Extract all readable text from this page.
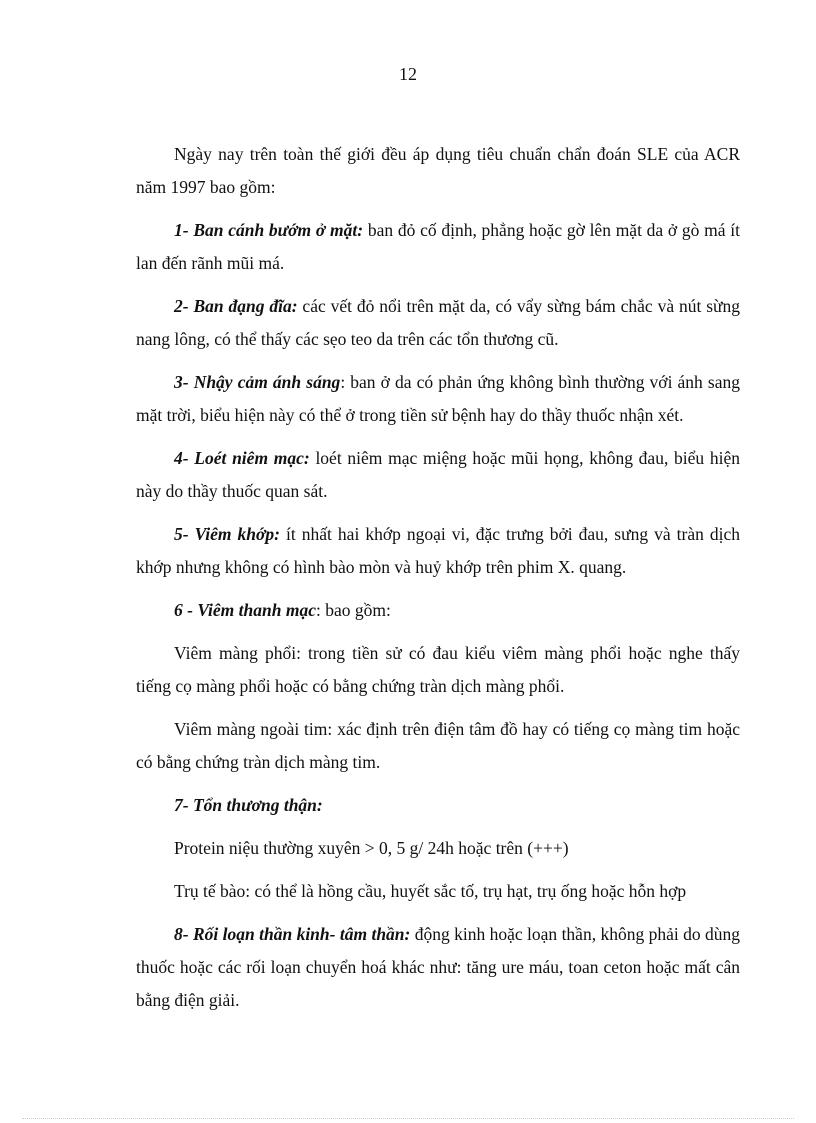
12

Ngày nay trên toàn thế giới đều áp dụng tiêu chuẩn chẩn đoán SLE của ACR năm 1997 bao gồm:

1- Ban cánh bướm ở mặt: ban đỏ cố định, phẳng hoặc gờ lên mặt da ở gò má ít lan đến rãnh mũi má.

2- Ban đạng đĩa: các vết đỏ nổi trên mặt da, có vẩy sừng bám chắc và nút sừng nang lông, có thể thấy các sẹo teo da trên các tổn thương cũ.

3- Nhậy cảm ánh sáng: ban ở da có phản ứng không bình thường với ánh sang mặt trời, biểu hiện này có thể ở trong tiền sử bệnh hay do thầy thuốc nhận xét.

4- Loét niêm mạc: loét niêm mạc miệng hoặc mũi họng, không đau, biểu hiện này do thầy thuốc quan sát.

5- Viêm khớp: ít nhất hai khớp ngoại vi, đặc trưng bởi đau, sưng và tràn dịch khớp nhưng không có hình bào mòn và huỷ khớp trên phim X. quang.

6 - Viêm thanh mạc: bao gồm:

Viêm màng phổi: trong tiền sử có đau kiểu viêm màng phổi hoặc nghe thấy tiếng cọ màng phổi hoặc có bằng chứng tràn dịch màng phổi.

Viêm màng ngoài tim: xác định trên điện tâm đồ hay có tiếng cọ màng tim hoặc có bằng chứng tràn dịch màng tim.

7- Tổn thương thận:

Protein niệu thường xuyên > 0, 5 g/ 24h hoặc trên (+++)

Trụ tế bào: có thể là hồng cầu, huyết sắc tố, trụ hạt, trụ ống hoặc hỗn hợp

8- Rối loạn thần kinh- tâm thần: động kinh hoặc loạn thần, không phải do dùng thuốc hoặc các rối loạn chuyển hoá khác như: tăng ure máu, toan ceton hoặc mất cân bằng điện giải.
